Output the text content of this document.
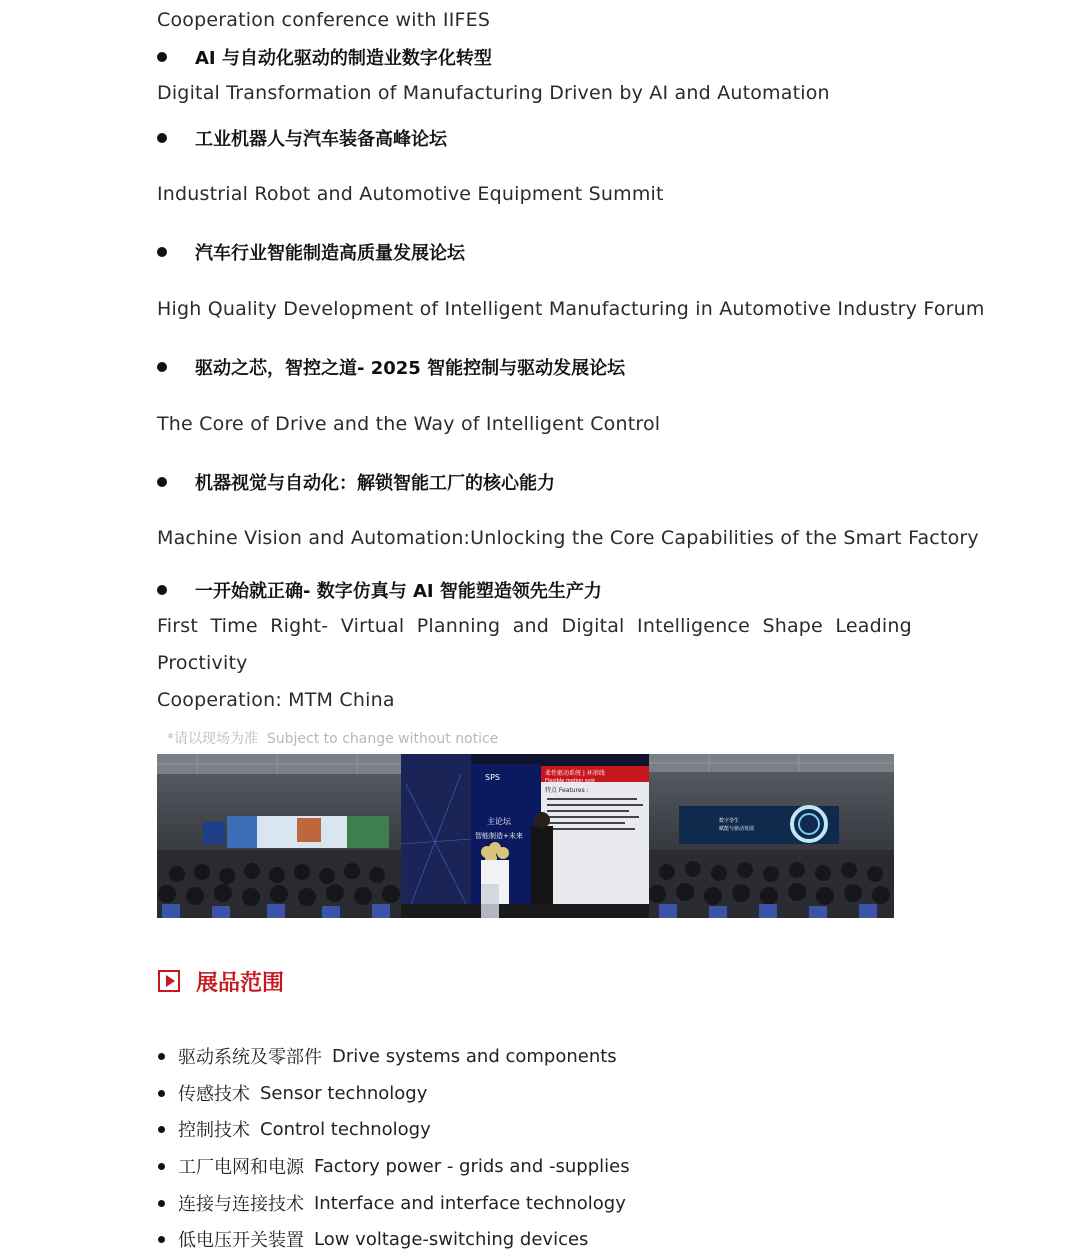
Cooperation conference with IIFES
AI 与自动化驱动的制造业数字化转型
Digital Transformation of Manufacturing Driven by AI and Automation
工业机器人与汽车装备高峰论坛
Industrial Robot and Automotive Equipment Summit
汽车行业智能制造高质量发展论坛
High Quality Development of Intelligent Manufacturing in Automotive Industry Forum
驱动之芯，智控之道- 2025 智能控制与驱动发展论坛
The Core of Drive and the Way of Intelligent Control
机器视觉与自动化：解锁智能工厂的核心能力
Machine Vision and Automation:Unlocking the Core Capabilities of the Smart Factory
一开始就正确- 数字仿真与 AI 智能塑造领先生产力
First  Time  Right-  Virtual  Planning  and  Digital  Intelligence  Shape  Leading
Proctivity
Cooperation: MTM China
*请以现场为准  Subject to change without notice
SPS
主论坛
智能制造+未来
柔性驱动系统 | 环形线
Flexible motion syst
特点 Features :
数字孪生
赋能与驱动发展
展品范围
驱动系统及零部件 Drive systems and components
传感技术 Sensor technology
控制技术 Control technology
工厂电网和电源 Factory power - grids and -supplies
连接与连接技术 Interface and interface technology
低电压开关装置 Low voltage-switching devices
